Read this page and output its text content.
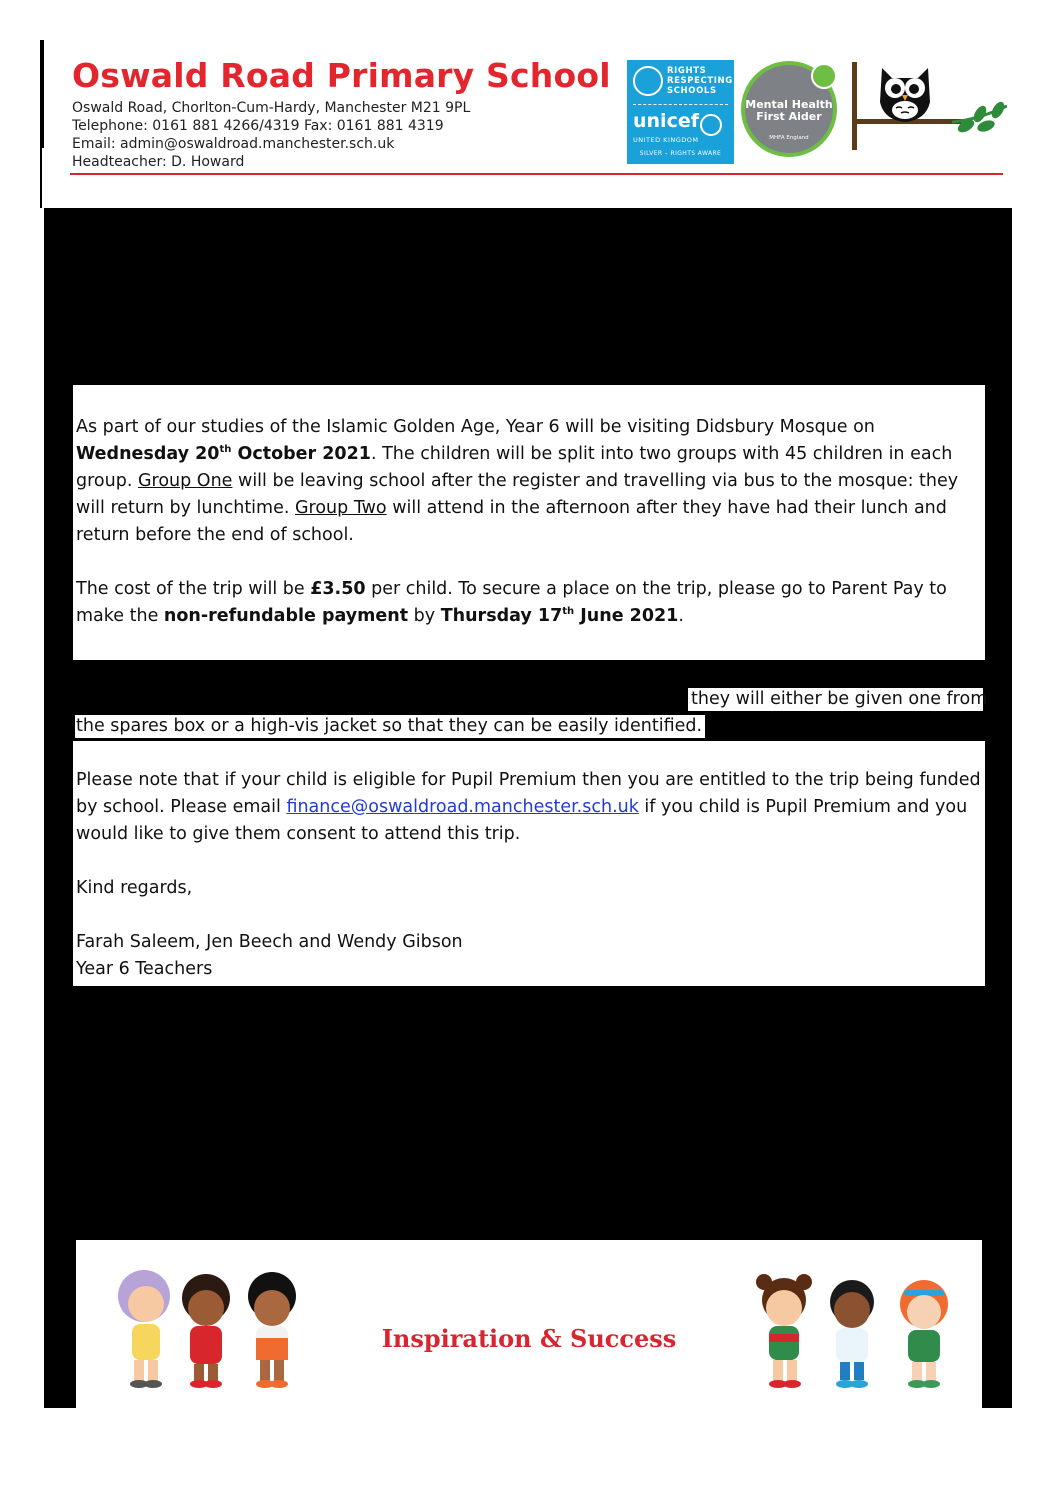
Oswald Road Primary School
Oswald Road, Chorlton-Cum-Hardy, Manchester M21 9PL
Telephone: 0161 881 4266/4319 Fax: 0161 881 4319
Email: admin@oswaldroad.manchester.sch.uk
Headteacher: D. Howard
RIGHTS
RESPECTING
SCHOOLS
unicef
UNITED KINGDOM
SILVER – RIGHTS AWARE
Mental Health
First Aider
MHFA England

As part of our studies of the Islamic Golden Age, Year 6 will be visiting Didsbury Mosque on Wednesday 20th October 2021. The children will be split into two groups with 45 children in each group. Group One will be leaving school after the register and travelling via bus to the mosque: they will return by lunchtime. Group Two will attend in the afternoon after they have had their lunch and return before the end of school.

The cost of the trip will be £3.50 per child. To secure a place on the trip, please go to Parent Pay to make the non-refundable payment by Thursday 17th June 2021.

they will either be given one from
the spares box or a high-vis jacket so that they can be easily identified.

Please note that if your child is eligible for Pupil Premium then you are entitled to the trip being funded by school. Please email finance@oswaldroad.manchester.sch.uk if you child is Pupil Premium and you would like to give them consent to attend this trip.

Kind regards,

Farah Saleem, Jen Beech and Wendy Gibson
Year 6 Teachers

Inspiration & Success
